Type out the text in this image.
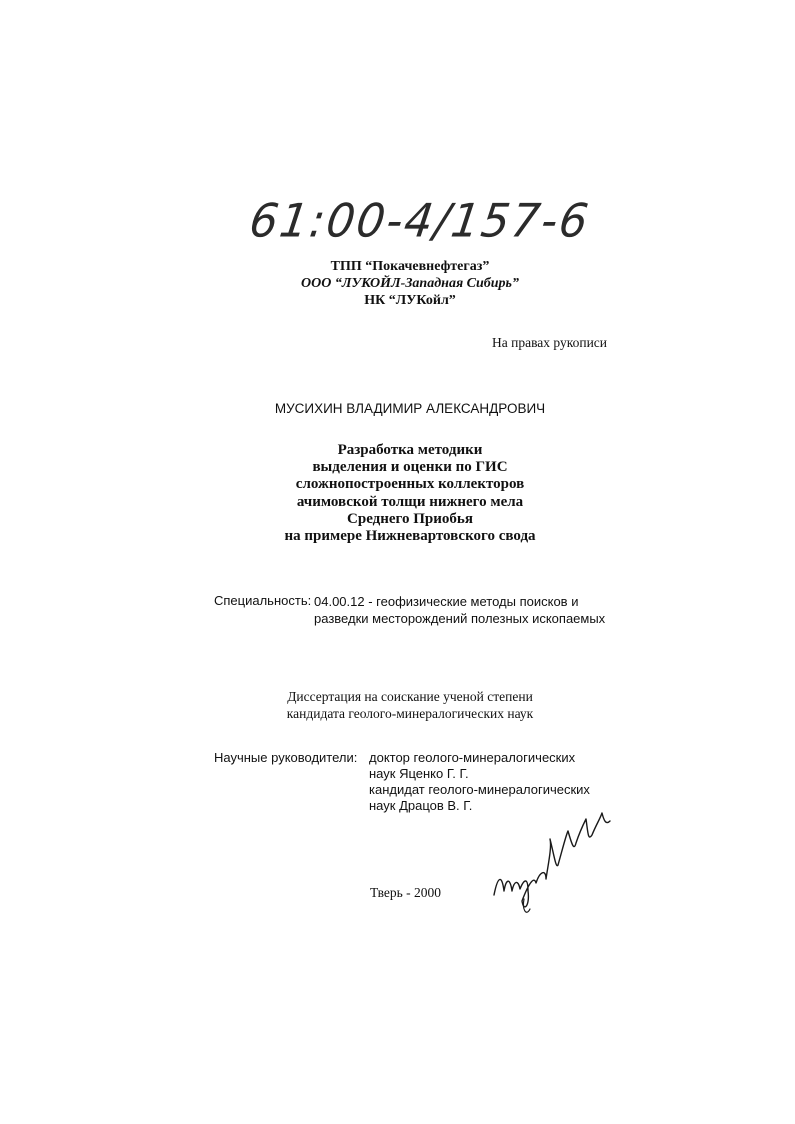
61:00-4/157-6
ТПП “Покачевнефтегаз”
ООО “ЛУКОЙЛ-Западная Сибирь”
НК “ЛУКойл”
На правах рукописи
МУСИХИН ВЛАДИМИР АЛЕКСАНДРОВИЧ
Разработка методики
выделения и оценки по ГИС
сложнопостроенных коллекторов
ачимовской толщи нижнего мела
Среднего Приобья
на примере Нижневартовского свода
Специальность: 04.00.12 - геофизические методы поисков и
разведки месторождений полезных ископаемых
Диссертация на соискание ученой степени
кандидата геолого-минералогических наук
Научные руководители: доктор геолого-минералогических
наук Яценко Г. Г.
кандидат геолого-минералогических
наук Драцов В. Г.
Тверь - 2000
